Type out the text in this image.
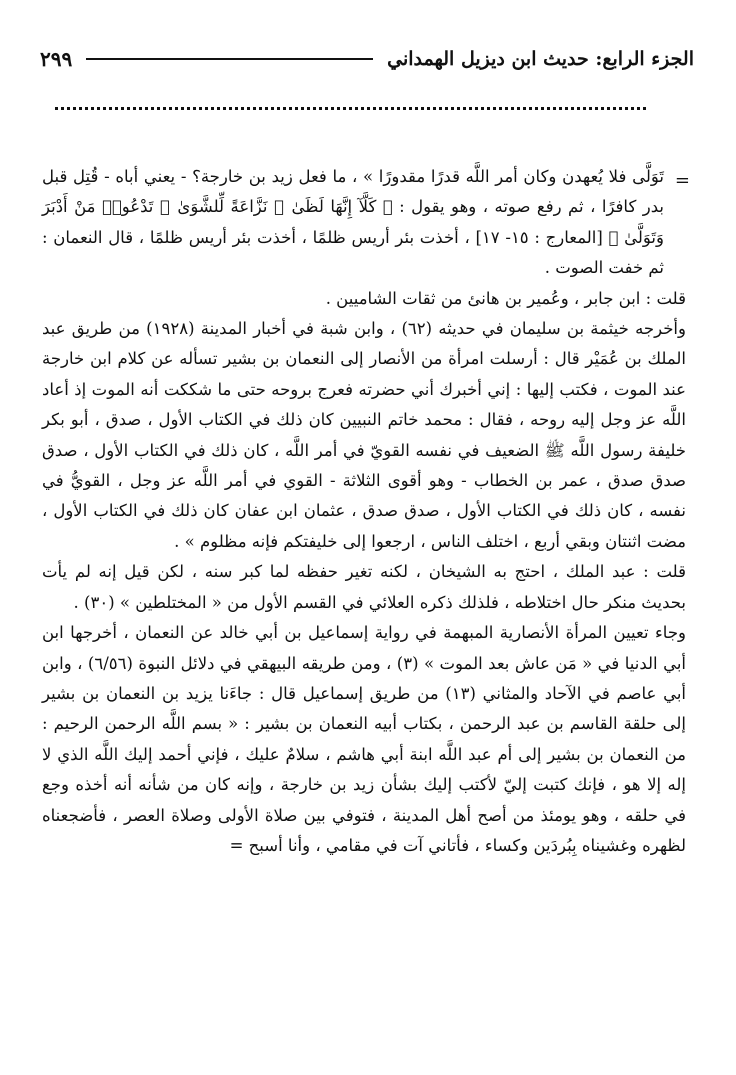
الجزء الرابع: حديث ابن ديزيل الهمداني
٢٩٩
=

تَوَلَّى فلا يُعهدن وكان أمر اللَّه قدرًا مقدورًا » ، ما فعل زيد بن خارجة؟ - يعني أباه - قُتِل قبل بدر كافرًا ، ثم رفع صوته ، وهو يقول : ﴿ كَلَّآ إِنَّهَا لَظَىٰ ⑮ نَزَّاعَةً لِّلشَّوَىٰ ⑯ تَدْعُوا۟ مَنْ أَدْبَرَ وَتَوَلَّىٰ ﴾ [المعارج : ١٥- ١٧] ، أخذت بئر أريس ظلمًا ، أخذت بئر أريس ظلمًا ، قال النعمان : ثم خفت الصوت .

قلت : ابن جابر ، وعُمير بن هانئ من ثقات الشاميين .

وأخرجه خيثمة بن سليمان في حديثه (٦٢) ، وابن شبة في أخبار المدينة (١٩٢٨) من طريق عبد الملك بن عُمَيْر قال : أرسلت امرأة من الأنصار إلى النعمان بن بشير تسأله عن كلام ابن خارجة عند الموت ، فكتب إليها : إني أخبرك أني حضرته فعرج بروحه حتى ما شككت أنه الموت إذ أعاد اللَّه عز وجل إليه روحه ، فقال : محمد خاتم النبيين كان ذلك في الكتاب الأول ، صدق ، أبو بكر خليفة رسول اللَّه ﷺ الضعيف في نفسه القويّ في أمر اللَّه ، كان ذلك في الكتاب الأول ، صدق صدق صدق ، عمر بن الخطاب - وهو أقوى الثلاثة - القوي في أمر اللَّه عز وجل ، القويُّ في نفسه ، كان ذلك في الكتاب الأول ، صدق صدق ، عثمان ابن عفان كان ذلك في الكتاب الأول ، مضت اثنتان وبقي أربع ، اختلف الناس ، ارجعوا إلى خليفتكم فإنه مظلوم » .

قلت : عبد الملك ، احتج به الشيخان ، لكنه تغير حفظه لما كبر سنه ، لكن قيل إنه لم يأت بحديث منكر حال اختلاطه ، فلذلك ذكره العلائي في القسم الأول من « المختلطين » (٣٠) .

وجاء تعيين المرأة الأنصارية المبهمة في رواية إسماعيل بن أبي خالد عن النعمان ، أخرجها ابن أبي الدنيا في « مَن عاش بعد الموت » (٣) ، ومن طريقه البيهقي في دلائل النبوة (٦/٥٦) ، وابن أبي عاصم في الآحاد والمثاني (١٣) من طريق إسماعيل قال : جاءَنا يزيد بن النعمان بن بشير إلى حلقة القاسم بن عبد الرحمن ، بكتاب أبيه النعمان بن بشير : « بسم اللَّه الرحمن الرحيم : من النعمان بن بشير إلى أم عبد اللَّه ابنة أبي هاشم ، سلامٌ عليك ، فإني أحمد إليك اللَّه الذي لا إله إلا هو ، فإنك كتبت إليّ لأكتب إليك بشأن زيد بن خارجة ، وإنه كان من شأنه أنه أخذه وجع في حلقه ، وهو يومئذ من أصح أهل المدينة ، فتوفي بين صلاة الأولى وصلاة العصر ، فأضجعناه لظهره وغشيناه بِبُردَين وكساء ، فأتاني آت في مقامي ، وأنا أسبح =
